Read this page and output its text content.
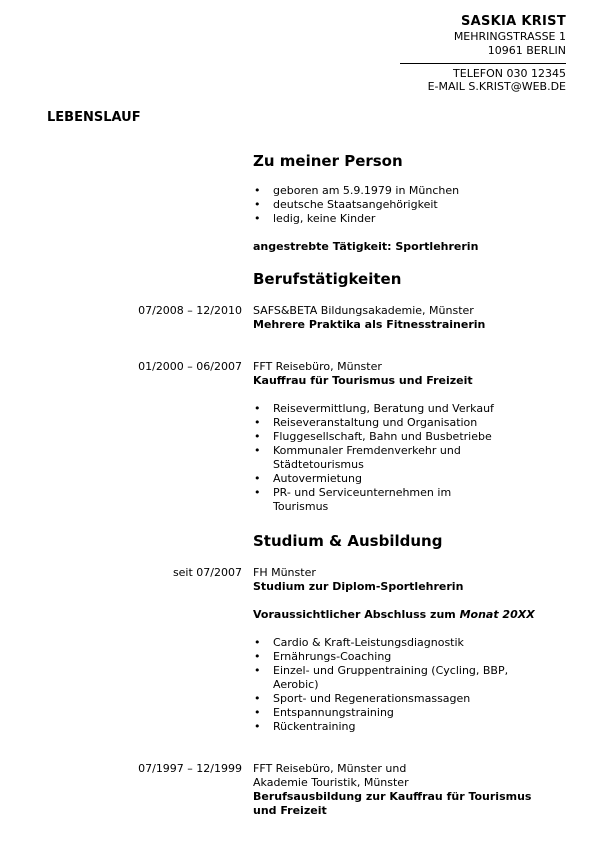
SASKIA KRIST
MEHRINGSTRASSE 1
10961 BERLIN
TELEFON 030 12345
E-MAIL S.KRIST@WEB.DE
LEBENSLAUF
Zu meiner Person
• geboren am 5.9.1979 in München
• deutsche Staatsangehörigkeit
• ledig, keine Kinder
angestrebte Tätigkeit: Sportlehrerin
Berufstätigkeiten
07/2008 – 12/2010 SAFS&BETA Bildungsakademie, Münster
Mehrere Praktika als Fitnesstrainerin
01/2000 – 06/2007 FFT Reisebüro, Münster
Kauffrau für Tourismus und Freizeit
• Reisevermittlung, Beratung und Verkauf
• Reiseveranstaltung und Organisation
• Fluggesellschaft, Bahn und Busbetriebe
• Kommunaler Fremdenverkehr und Städtetourismus
• Autovermietung
• PR- und Serviceunternehmen im Tourismus
Studium & Ausbildung
seit 07/2007 FH Münster
Studium zur Diplom-Sportlehrerin
Voraussichtlicher Abschluss zum Monat 20XX
• Cardio & Kraft-Leistungsdiagnostik
• Ernährungs-Coaching
• Einzel- und Gruppentraining (Cycling, BBP, Aerobic)
• Sport- und Regenerationsmassagen
• Entspannungstraining
• Rückentraining
07/1997 – 12/1999 FFT Reisebüro, Münster und
Akademie Touristik, Münster
Berufsausbildung zur Kauffrau für Tourismus
und Freizeit
